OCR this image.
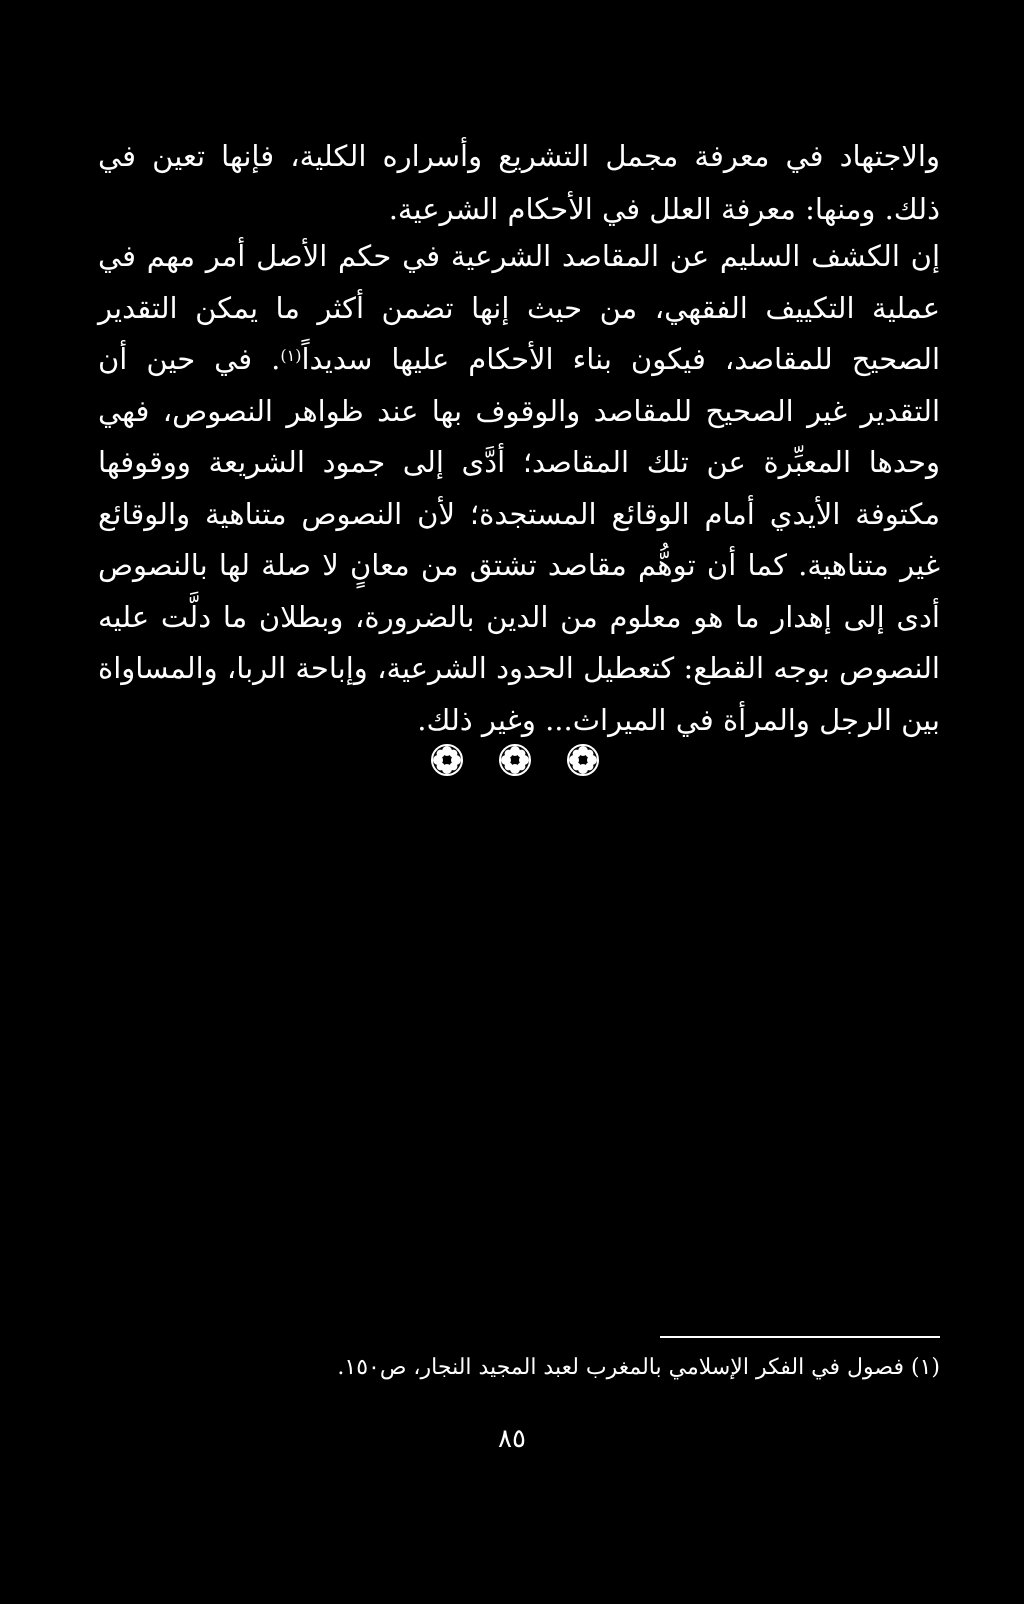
والاجتهاد في معرفة مجمل التشريع وأسراره الكلية، فإنها تعين في ذلك. ومنها: معرفة العلل في الأحكام الشرعية.

إن الكشف السليم عن المقاصد الشرعية في حكم الأصل أمر مهم في عملية التكييف الفقهي، من حيث إنها تضمن أكثر ما يمكن التقدير الصحيح للمقاصد، فيكون بناء الأحكام عليها سديداً$^{(١)}$. في حين أن التقدير غير الصحيح للمقاصد والوقوف بها عند ظواهر النصوص، فهي وحدها المعبِّرة عن تلك المقاصد؛ أدَّى إلى جمود الشريعة ووقوفها مكتوفة الأيدي أمام الوقائع المستجدة؛ لأن النصوص متناهية والوقائع غير متناهية. كما أن توهُّم مقاصد تشتق من معانٍ لا صلة لها بالنصوص أدى إلى إهدار ما هو معلوم من الدين بالضرورة، وبطلان ما دلَّت عليه النصوص بوجه القطع: كتعطيل الحدود الشرعية، وإباحة الربا، والمساواة بين الرجل والمرأة في الميراث... وغير ذلك.

(١) فصول في الفكر الإسلامي بالمغرب لعبد المجيد النجار، ص١٥٠.
٨٥
